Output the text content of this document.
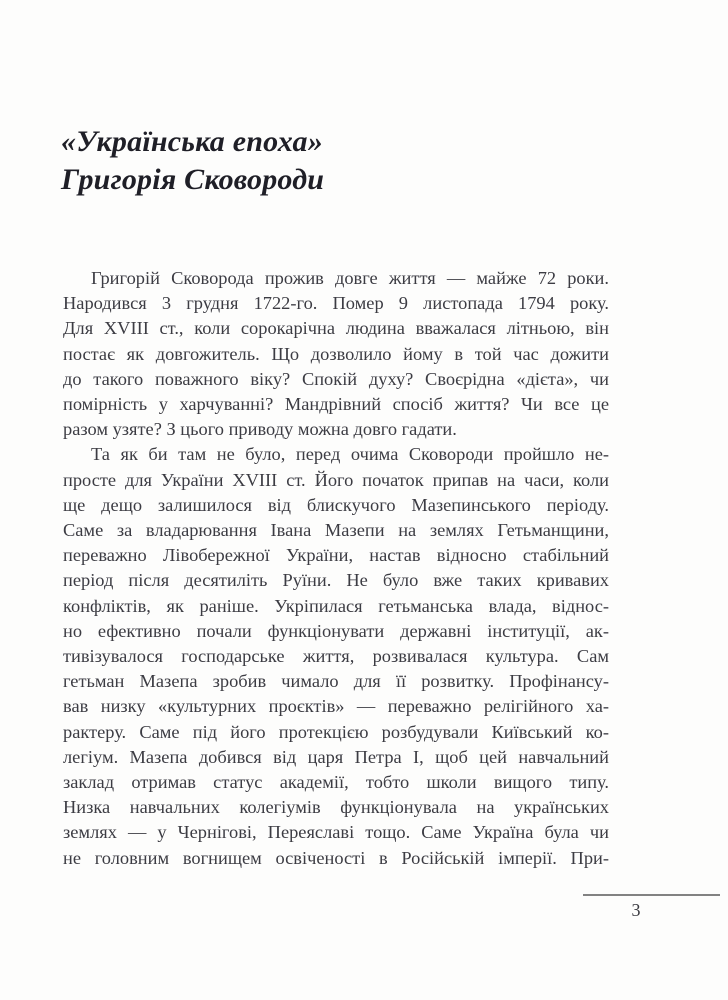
«Українська епоха»
Григорія Сковороди

Григорій Сковорода прожив довге життя — майже 72 роки.
Народився 3 грудня 1722-го. Помер 9 листопада 1794 року.
Для XVIII ст., коли сорокарічна людина вважалася літньою, він
постає як довгожитель. Що дозволило йому в той час дожити
до такого поважного віку? Спокій духу? Своєрідна «дієта», чи
помірність у харчуванні? Мандрівний спосіб життя? Чи все це
разом узяте? З цього приводу можна довго гадати.

Та як би там не було, перед очима Сковороди пройшло не-
просте для України XVIII ст. Його початок припав на часи, коли
ще дещо залишилося від блискучого Мазепинського періоду.
Саме за владарювання Івана Мазепи на землях Гетьманщини,
переважно Лівобережної України, настав відносно стабільний
період після десятиліть Руїни. Не було вже таких кривавих
конфліктів, як раніше. Укріпилася гетьманська влада, віднос-
но ефективно почали функціонувати державні інституції, ак-
тивізувалося господарське життя, розвивалася культура. Сам
гетьман Мазепа зробив чимало для її розвитку. Профінансу-
вав низку «культурних проєктів» — переважно релігійного ха-
рактеру. Саме під його протекцією розбудували Київський ко-
легіум. Мазепа добився від царя Петра I, щоб цей навчальний
заклад отримав статус академії, тобто школи вищого типу.
Низка навчальних колегіумів функціонувала на українських
землях — у Чернігові, Переяславі тощо. Саме Україна була чи
не головним вогнищем освіченості в Російській імперії. При-

3
